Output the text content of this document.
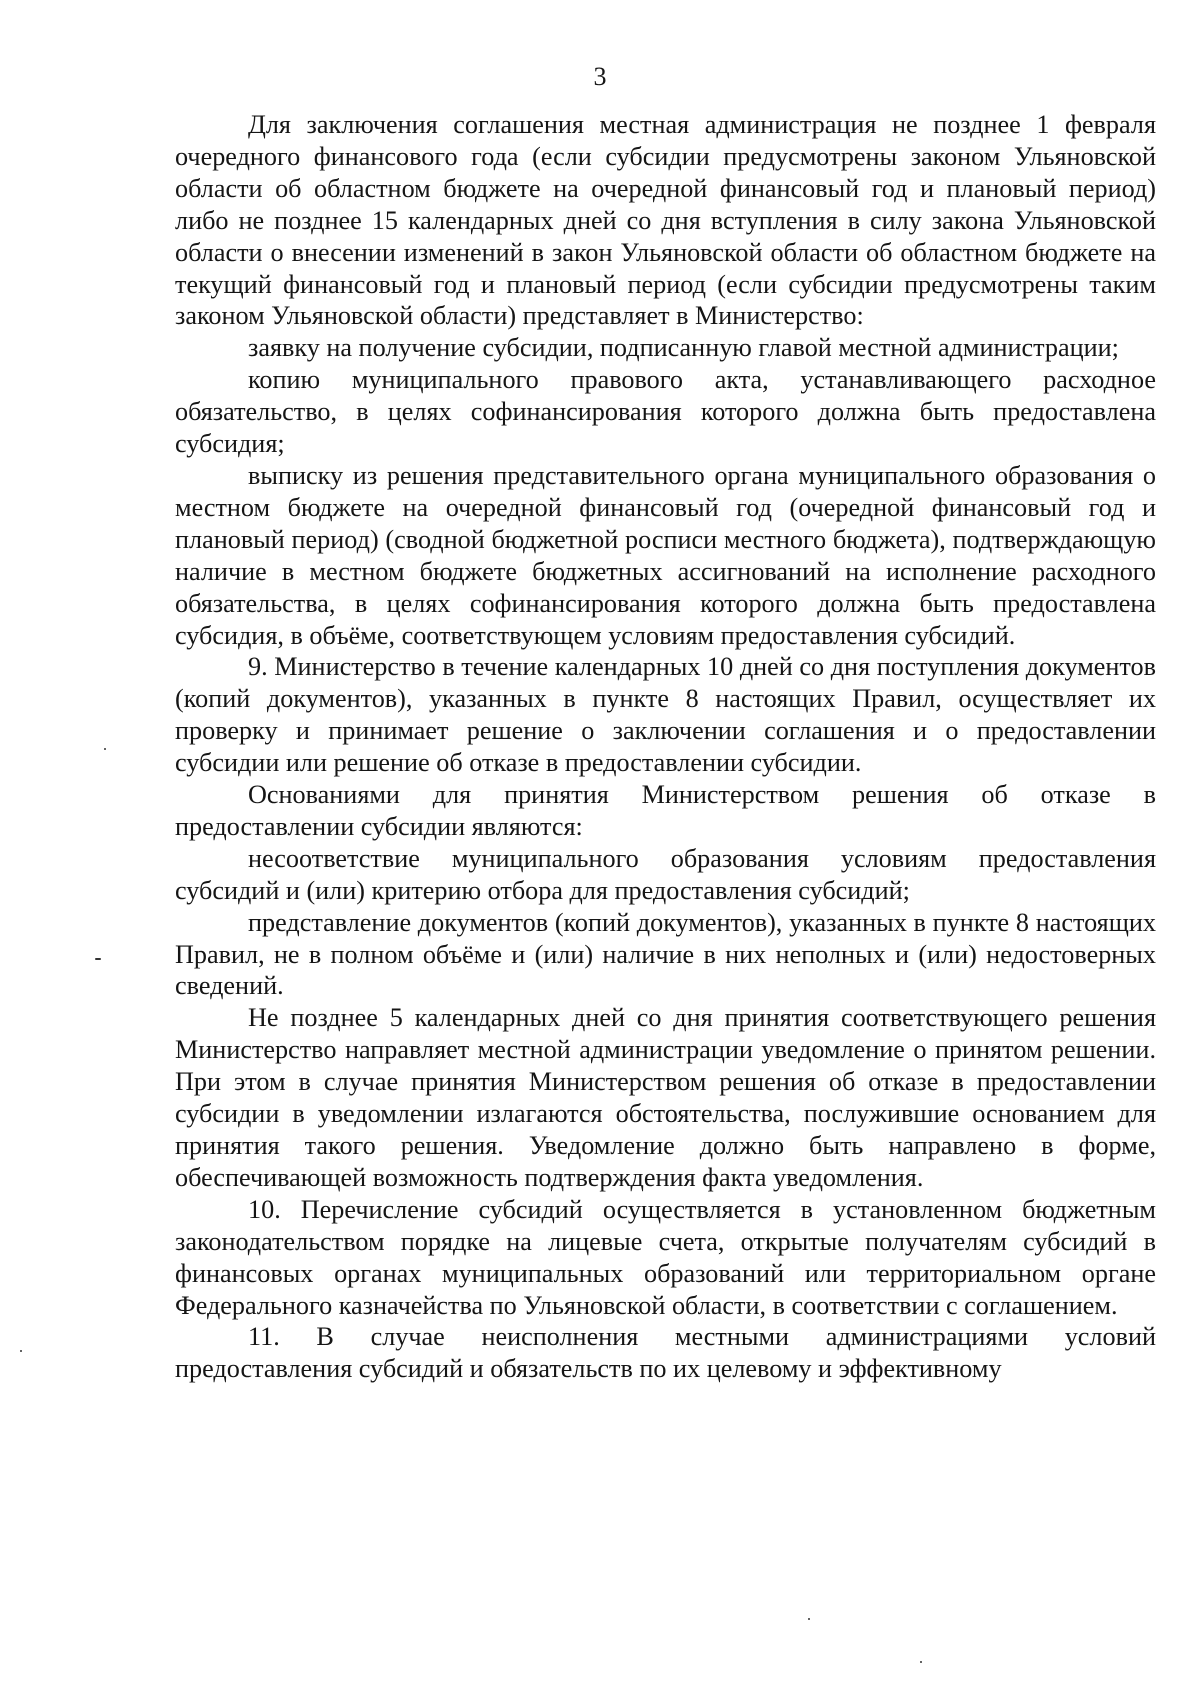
3

Для заключения соглашения местная администрация не позднее 1 февраля очередного финансового года (если субсидии предусмотрены законом Ульяновской области об областном бюджете на очередной финансовый год и плановый период) либо не позднее 15 календарных дней со дня вступления в силу закона Ульяновской области о внесении изменений в закон Ульяновской области об областном бюджете на текущий финансовый год и плановый период (если субсидии предусмотрены таким законом Ульяновской области) представляет в Министерство:

заявку на получение субсидии, подписанную главой местной администрации;

копию муниципального правового акта, устанавливающего расходное обязательство, в целях софинансирования которого должна быть предоставлена субсидия;

выписку из решения представительного органа муниципального образования о местном бюджете на очередной финансовый год (очередной финансовый год и плановый период) (сводной бюджетной росписи местного бюджета), подтверждающую наличие в местном бюджете бюджетных ассигнований на исполнение расходного обязательства, в целях софинансирования которого должна быть предоставлена субсидия, в объёме, соответствующем условиям предоставления субсидий.

9. Министерство в течение календарных 10 дней со дня поступления документов (копий документов), указанных в пункте 8 настоящих Правил, осуществляет их проверку и принимает решение о заключении соглашения и о предоставлении субсидии или решение об отказе в предоставлении субсидии.

Основаниями для принятия Министерством решения об отказе в предоставлении субсидии являются:

несоответствие муниципального образования условиям предоставления субсидий и (или) критерию отбора для предоставления субсидий;

представление документов (копий документов), указанных в пункте 8 настоящих Правил, не в полном объёме и (или) наличие в них неполных и (или) недостоверных сведений.

Не позднее 5 календарных дней со дня принятия соответствующего решения Министерство направляет местной администрации уведомление о принятом решении. При этом в случае принятия Министерством решения об отказе в предоставлении субсидии в уведомлении излагаются обстоятельства, послужившие основанием для принятия такого решения. Уведомление должно быть направлено в форме, обеспечивающей возможность подтверждения факта уведомления.

10. Перечисление субсидий осуществляется в установленном бюджетным законодательством порядке на лицевые счета, открытые получателям субсидий в финансовых органах муниципальных образований или территориальном органе Федерального казначейства по Ульяновской области, в соответствии с соглашением.

11. В случае неисполнения местными администрациями условий предоставления субсидий и обязательств по их целевому и эффективному
